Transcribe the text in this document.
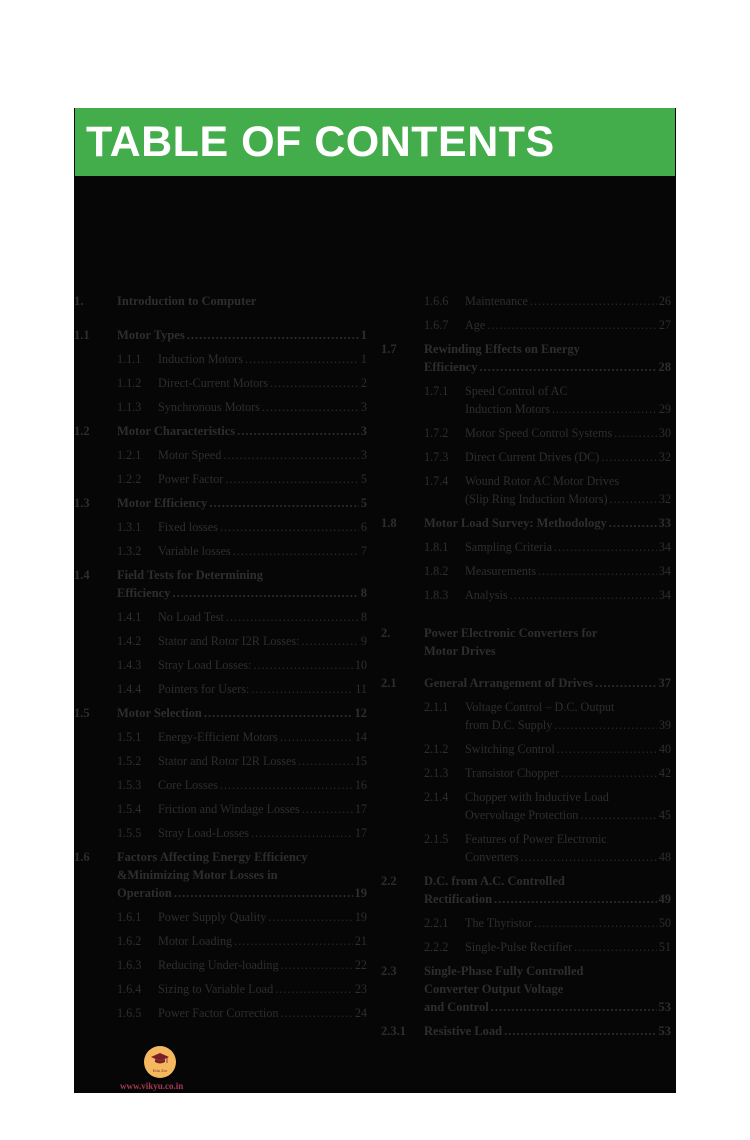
TABLE OF CONTENTS
1.	Introduction to Computer
1.1 Motor Types .....	1
1.1.1 Induction Motors .....	1
1.1.2 Direct-Current Motors .....	2
1.1.3 Synchronous Motors .....	3
1.2 Motor Characteristics .....	3
1.2.1 Motor Speed .....	3
1.2.2 Power Factor .....	5
1.3 Motor Efficiency .....	5
1.3.1 Fixed losses .....	6
1.3.2 Variable losses .....	7
1.4 Field Tests for Determining
Efficiency .....	8
1.4.1 No Load Test .....	8
1.4.2 Stator and Rotor I2R Losses: .....	9
1.4.3 Stray Load Losses: .....	10
1.4.4 Pointers for Users: .....	11
1.5 Motor Selection .....	12
1.5.1 Energy-Efficient Motors .....	14
1.5.2 Stator and Rotor I2R Losses .....	15
1.5.3 Core Losses .....	16
1.5.4 Friction and Windage Losses .....	17
1.5.5 Stray Load-Losses .....	17
1.6 Factors Affecting Energy Efficiency
&Minimizing Motor Losses in
Operation .....	19
1.6.1 Power Supply Quality .....	19
1.6.2 Motor Loading .....	21
1.6.3 Reducing Under-loading .....	22
1.6.4 Sizing to Variable Load .....	23
1.6.5 Power Factor Correction .....	24
1.6.6 Maintenance .....	26
1.6.7 Age .....	27
1.7 Rewinding Effects on Energy
Efficiency .....	28
1.7.1 Speed Control of AC
Induction Motors .....	29
1.7.2 Motor Speed Control Systems .....	30
1.7.3 Direct Current Drives (DC) .....	32
1.7.4 Wound Rotor AC Motor Drives
(Slip Ring Induction Motors) .....	32
1.8 Motor Load Survey: Methodology .....	33
1.8.1 Sampling Criteria .....	34
1.8.2 Measurements .....	34
1.8.3 Analysis .....	34
2.	Power Electronic Converters for
Motor Drives
2.1 General Arrangement of Drives .....	37
2.1.1 Voltage Control – D.C. Output
from D.C. Supply .....	39
2.1.2 Switching Control .....	40
2.1.3 Transistor Chopper .....	42
2.1.4 Chopper with Inductive Load
Overvoltage Protection .....	45
2.1.5 Features of Power Electronic
Converters .....	48
2.2 D.C. from A.C. Controlled
Rectification .....	49
2.2.1 The Thyristor .....	50
2.2.2 Single-Pulse Rectifier .....	51
2.3 Single-Phase Fully Controlled
Converter Output Voltage
and Control .....	53
2.3.1 Resistive Load .....	53
Edu Zor
www.vikyu.co.in
